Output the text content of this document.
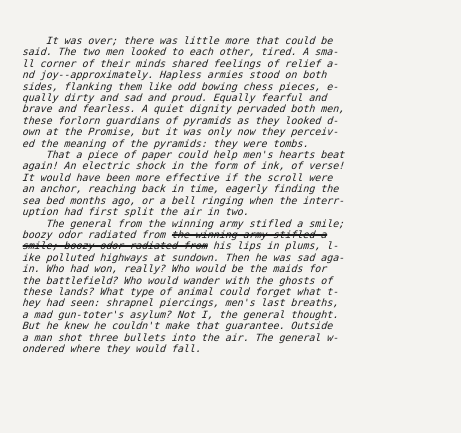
It was over; there was little more that could be
said. The two men looked to each other, tired. A sma-
ll corner of their minds shared feelings of relief a-
nd joy--approximately. Hapless armies stood on both
sides, flanking them like odd bowing chess pieces, e-
qually dirty and sad and proud. Equally fearful and
brave and fearless. A quiet dignity pervaded both men,
these forlorn guardians of pyramids as they looked d-
own at the Promise, but it was only now they perceiv-
ed the meaning of the pyramids: they were tombs.
That a piece of paper could help men's hearts beat
again! An electric shock in the form of ink, of verse!
It would have been more effective if the scroll were
an anchor, reaching back in time, eagerly finding the
sea bed months ago, or a bell ringing when the interr-
uption had first split the air in two.
The general from the winning army stifled a smile;
boozy odor radiated from the winning army stifled a
smile; boozy odor radiated from his lips in plums, l-
ike polluted highways at sundown. Then he was sad aga-
in. Who had won, really? Who would be the maids for
the battlefield? Who would wander with the ghosts of
these lands? What type of animal could forget what t-
hey had seen: shrapnel piercings, men's last breaths,
a mad gun-toter's asylum? Not I, the general thought.
But he knew he couldn't make that guarantee. Outside
a man shot three bullets into the air. The general w-
ondered where they would fall.
